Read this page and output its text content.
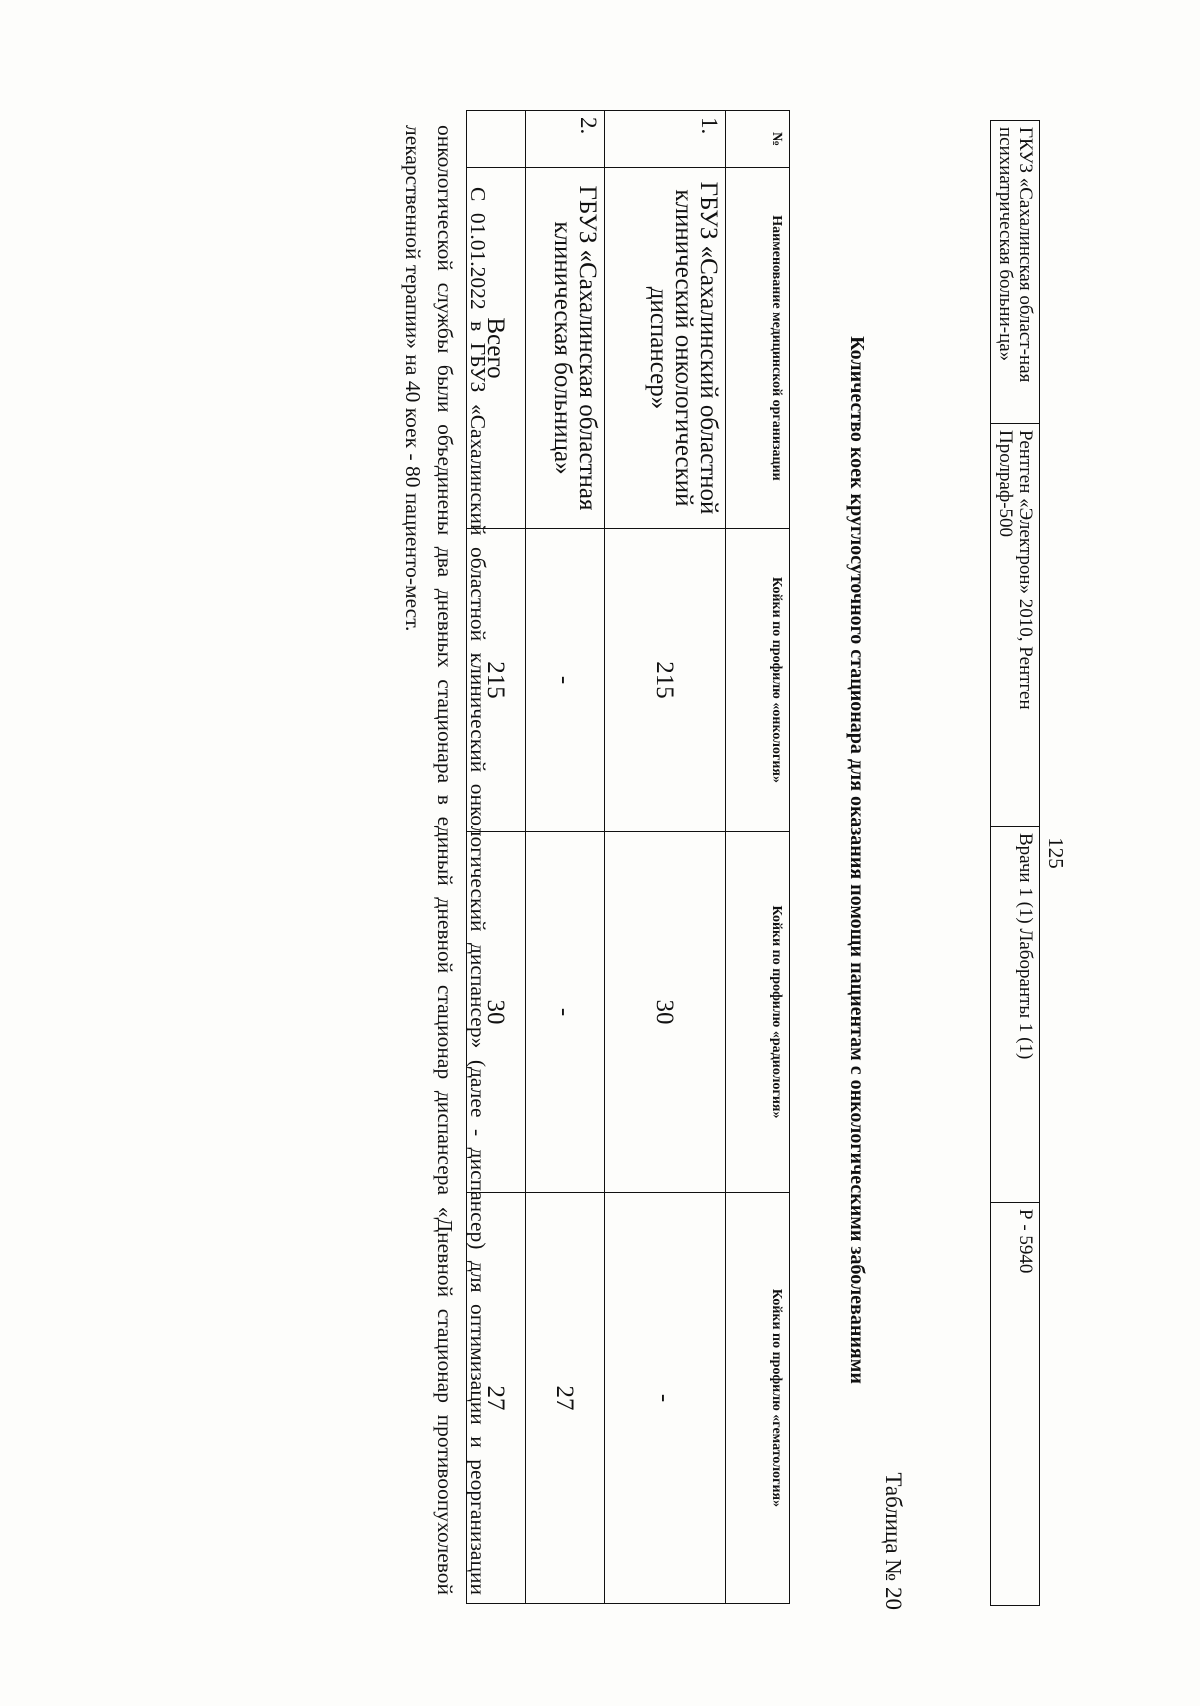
125
ГКУЗ «Сахалинская област-ная психиатрическая больни-ца»	Рентген «Электрон» 2010, Рентген Пролраф-500	Врачи 1 (1) Лаборанты 1 (1)	Р - 5940
Таблица № 20
Количество коек круглосуточного стационара для оказания помощи пациентам с онкологическими заболеваниями
№	Наименование медицинской организации	Койки по профилю «онкология»	Койки по профилю «радиология»	Койки по профилю «гематология»
1.	ГБУЗ «Сахалинский областной клинический онкологический диспансер»	215	30	-
2.	ГБУЗ «Сахалинская областная клиническая больница»	-	-	27
	Всего	215	30	27

С 01.01.2022 в ГБУЗ «Сахалинский областной клинический онкологический диспансер» (далее - диспансер) для оптимизации и реорганизации онкологической службы были объединены два дневных стационара в единый дневной стационар диспансера «Дневной стационар противоопухолевой лекарственной терапии» на 40 коек - 80 пациенто-мест.
